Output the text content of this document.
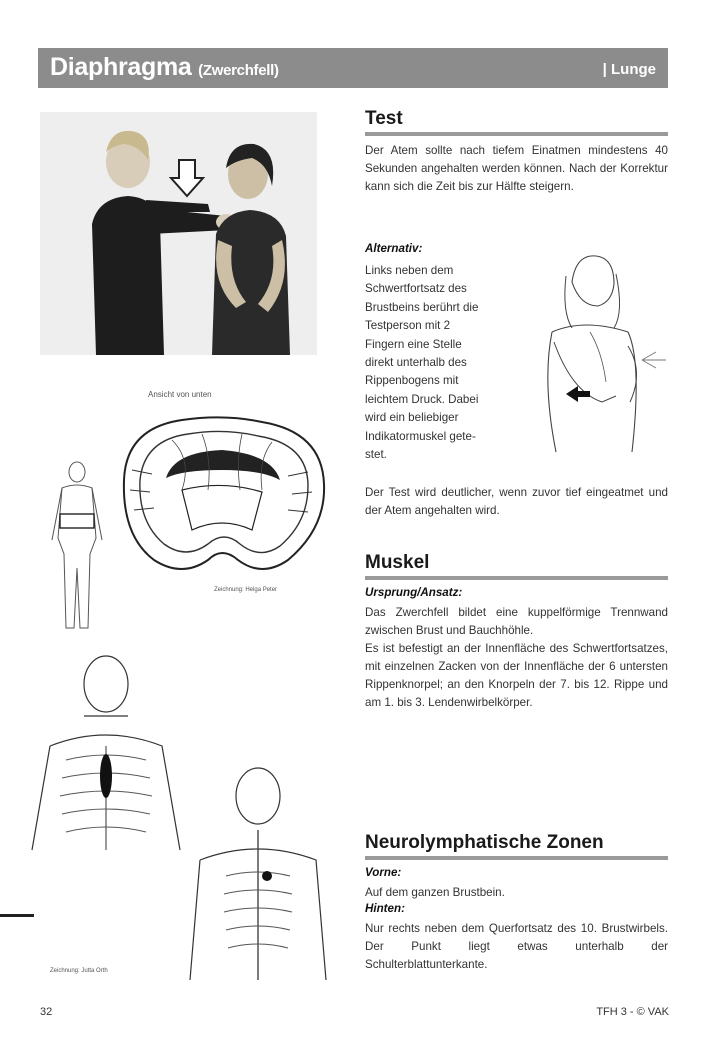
Diaphragma (Zwerchfell)	| Lunge
Ansicht von unten
Zeichnung: Helga Peter
Zeichnung: Jutta Orth
Test
Der Atem sollte nach tiefem Einatmen mindestens 40 Sekunden angehalten werden können. Nach der Korrektur kann sich die Zeit bis zur Hälfte steigern.
Alternativ:

Links neben dem

Schwertfortsatz des

Brustbeins berührt die

Testperson mit 2

Fingern eine Stelle

direkt unterhalb des

Rippenbogens mit

leichtem Druck. Dabei

wird ein beliebiger

Indikatormuskel gete-

stet.

Der Test wird deutlicher, wenn zuvor tief eingeatmet und der Atem angehalten wird.
Muskel
Ursprung/Ansatz:

Das Zwerchfell bildet eine kuppelförmige Trennwand zwischen Brust und Bauchhöhle.

Es ist befestigt an der Innenfläche des Schwertfortsatzes, mit einzelnen Zacken von der Innenfläche der 6 untersten Rippenknorpel; an den Knorpeln der 7. bis 12. Rippe und am 1. bis 3. Lendenwirbelkörper.

Neurolymphatische Zonen
Vorne:
Auf dem ganzen Brustbein.
Hinten:
Nur rechts neben dem Querfortsatz des 10. Brustwirbels. Der Punkt liegt etwas unterhalb der Schulterblattunterkante.
32	TFH 3 - © VAK
